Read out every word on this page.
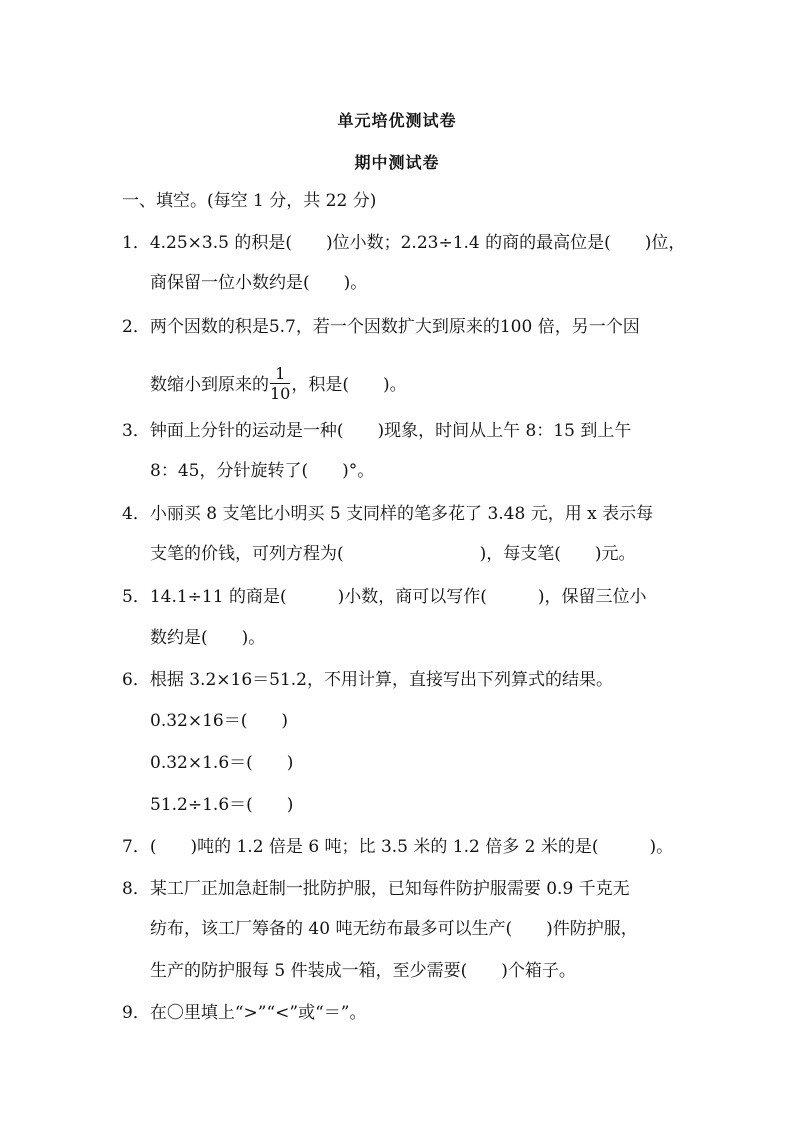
单元培优测试卷
期中测试卷
一、填空。(每空 1 分，共 22 分)
1．4.25×3.5 的积是(　　)位小数；2.23÷1.4 的商的最高位是(　　)位，
商保留一位小数约是(　　)。
2．两个因数的积是5.7，若一个因数扩大到原来的100 倍，另一个因
数缩小到原来的 $\frac{1}{10}$ ，积是(　　)。
3．钟面上分针的运动是一种(　　)现象，时间从上午 8：15 到上午
8：45，分针旋转了(　　)°。
4．小丽买 8 支笔比小明买 5 支同样的笔多花了 3.48 元，用 x 表示每
支笔的价钱，可列方程为(　　　　　　　　)，每支笔(　　)元。
5．14.1÷11 的商是(　　　)小数，商可以写作(　　　)，保留三位小
数约是(　　)。
6．根据 3.2×16＝51.2，不用计算，直接写出下列算式的结果。
0.32×16＝(　　)
0.32×1.6＝(　　)
51.2÷1.6＝(　　)
7．(　　)吨的 1.2 倍是 6 吨；比 3.5 米的 1.2 倍多 2 米的是(　　　)。
8．某工厂正加急赶制一批防护服，已知每件防护服需要 0.9 千克无
纺布，该工厂筹备的 40 吨无纺布最多可以生产(　　)件防护服，
生产的防护服每 5 件装成一箱，至少需要(　　)个箱子。
9．在〇里填上“>”“<”或“＝”。
